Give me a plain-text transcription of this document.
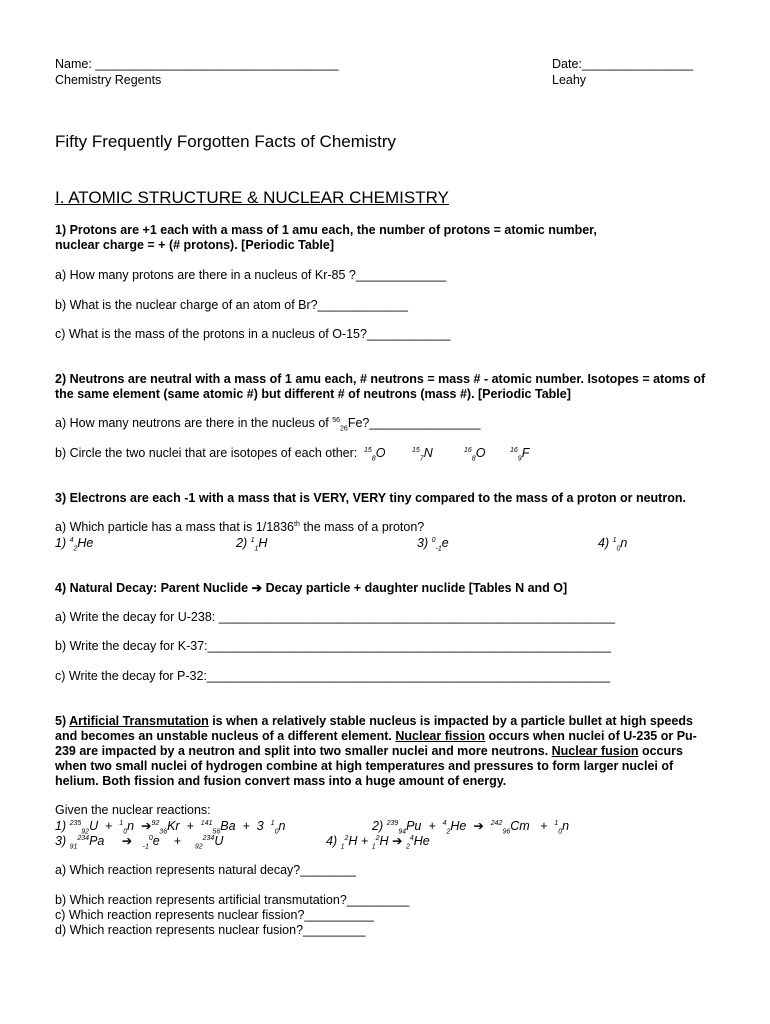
Name: ___________________________________
Chemistry Regents
Date:________________
Leahy
Fifty Frequently Forgotten Facts of Chemistry
I. ATOMIC STRUCTURE & NUCLEAR CHEMISTRY
1) Protons are +1 each with a mass of 1 amu each, the number of protons = atomic number,
nuclear charge = + (# protons). [Periodic Table]
a) How many protons are there in a nucleus of Kr-85 ?_____________
b) What is the nuclear charge of an atom of Br?_____________
c) What is the mass of the protons in a nucleus of O-15?____________
2) Neutrons are neutral with a mass of 1 amu each, # neutrons = mass # - atomic number. Isotopes = atoms of
the same element (same atomic #) but different # of neutrons (mass #). [Periodic Table]
a) How many neutrons are there in the nucleus of $^{56}_{26}$Fe?________________
b) Circle the two nuclei that are isotopes of each other: $^{15}_8$O	$^{15}_7$N	$^{16}_8$O	$^{16}_9$F
3) Electrons are each -1 with a mass that is VERY, VERY tiny compared to the mass of a proton or neutron.
a) Which particle has a mass that is 1/1836th the mass of a proton?
1) $^4_2$He	2) $^1_1$H	3) $^0_{-1}$e	4) $^1_0$n
4) Natural Decay: Parent Nuclide ➔ Decay particle + daughter nuclide [Tables N and O]
a) Write the decay for U-238: _________________________________________________________
b) Write the decay for K-37:__________________________________________________________
c) Write the decay for P-32:__________________________________________________________
5) Artificial Transmutation is when a relatively stable nucleus is impacted by a particle bullet at high speeds and becomes an unstable nucleus of a different element. Nuclear fission occurs when nuclei of U-235 or Pu-239 are impacted by a neutron and split into two smaller nuclei and more neutrons. Nuclear fusion occurs when two small nuclei of hydrogen combine at high temperatures and pressures to form larger nuclei of helium. Both fission and fusion convert mass into a huge amount of energy.
Given the nuclear reactions:
1) $^{235}_{92}$U  +  $^1_0$n  ➔$^{92}_{36}$Kr  +  $^{141}_{56}$Ba  +  3  $^1_0$n	2) $^{239}_{94}$Pu  +  $^4_2$He  ➔ $^{242}_{96}$Cm   +  $^1_0$n
3) $_{91}^{234}$Pa     ➔ $_{-1}^0$e    +    $_{92}^{234}$U	4) $_1^2$H + $_1^2$H ➔ $_2^4$He
a) Which reaction represents natural decay?________
b) Which reaction represents artificial transmutation?_________
c) Which reaction represents nuclear fission?__________
d) Which reaction represents nuclear fusion?_________
